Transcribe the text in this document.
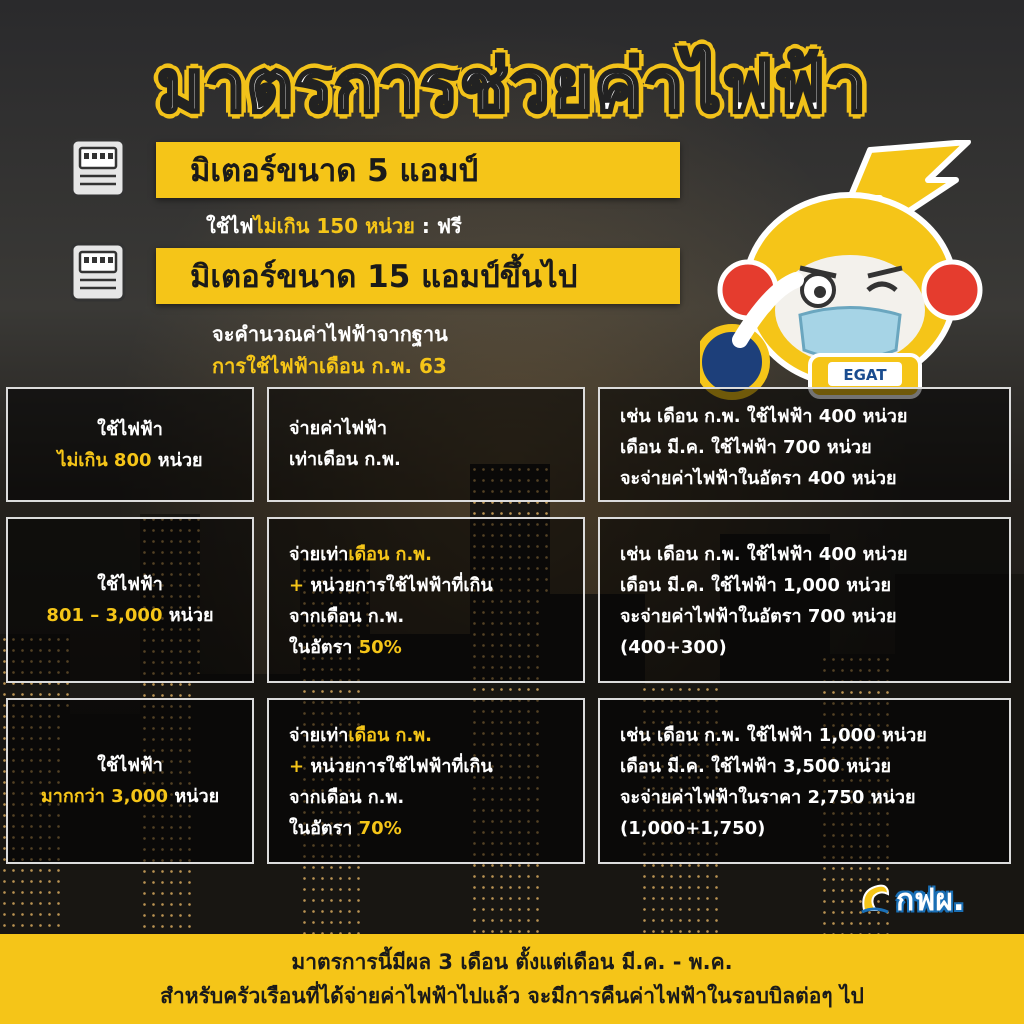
มาตรการช่วยค่าไฟฟ้า
มิเตอร์ขนาด 5 แอมป์
ใช้ไฟไม่เกิน 150 หน่วย : ฟรี
มิเตอร์ขนาด 15 แอมป์ขึ้นไป
จะคำนวณค่าไฟฟ้าจากฐาน
การใช้ไฟฟ้าเดือน ก.พ. 63	EGAT
ใช้ไฟฟ้า
ไม่เกิน 800 หน่วย
จ่ายค่าไฟฟ้า
เท่าเดือน ก.พ.
เช่น เดือน ก.พ. ใช้ไฟฟ้า 400 หน่วย
เดือน มี.ค. ใช้ไฟฟ้า 700 หน่วย
จะจ่ายค่าไฟฟ้าในอัตรา 400 หน่วย
ใช้ไฟฟ้า
801 – 3,000 หน่วย
จ่ายเท่าเดือน ก.พ.
+ หน่วยการใช้ไฟฟ้าที่เกิน
จากเดือน ก.พ.
ในอัตรา 50%
เช่น เดือน ก.พ. ใช้ไฟฟ้า 400 หน่วย
เดือน มี.ค. ใช้ไฟฟ้า 1,000 หน่วย
จะจ่ายค่าไฟฟ้าในอัตรา 700 หน่วย
(400+300)
ใช้ไฟฟ้า
มากกว่า 3,000 หน่วย
จ่ายเท่าเดือน ก.พ.
+ หน่วยการใช้ไฟฟ้าที่เกิน
จากเดือน ก.พ.
ในอัตรา 70%
เช่น เดือน ก.พ. ใช้ไฟฟ้า 1,000 หน่วย
เดือน มี.ค. ใช้ไฟฟ้า 3,500 หน่วย
จะจ่ายค่าไฟฟ้าในราคา 2,750 หน่วย
(1,000+1,750)
กฟผ.
มาตรการนี้มีผล 3 เดือน ตั้งแต่เดือน มี.ค. - พ.ค.
สำหรับครัวเรือนที่ได้จ่ายค่าไฟฟ้าไปแล้ว จะมีการคืนค่าไฟฟ้าในรอบบิลต่อๆ ไป
